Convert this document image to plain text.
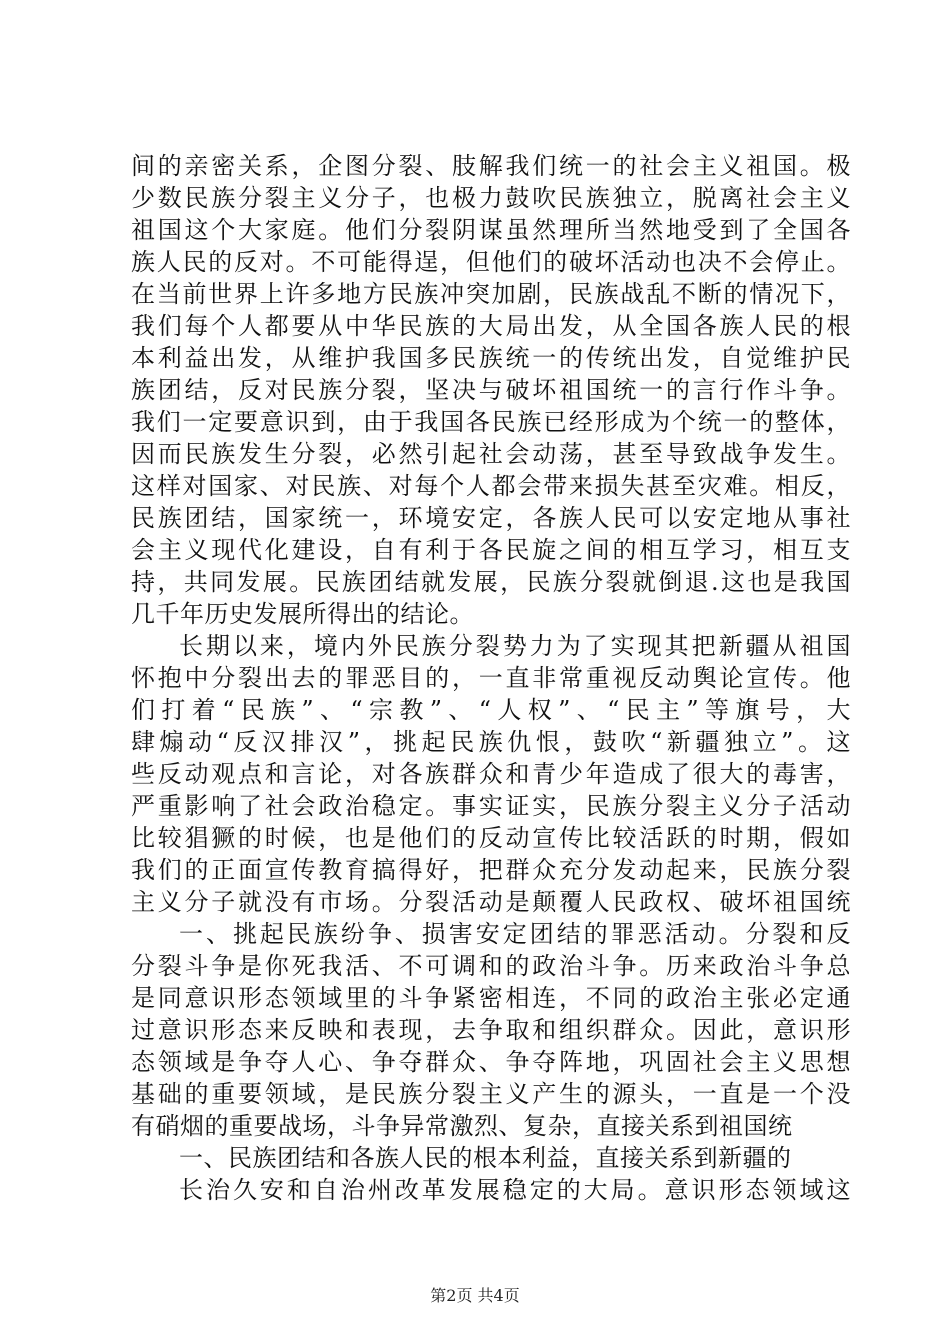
间的亲密关系，企图分裂、肢解我们统一的社会主义祖国。极
少数民族分裂主义分子，也极力鼓吹民族独立，脱离社会主义
祖国这个大家庭。他们分裂阴谋虽然理所当然地受到了全国各
族人民的反对。不可能得逞，但他们的破坏活动也决不会停止。
在当前世界上许多地方民族冲突加剧，民族战乱不断的情况下，
我们每个人都要从中华民族的大局出发，从全国各族人民的根
本利益出发，从维护我国多民族统一的传统出发，自觉维护民
族团结，反对民族分裂，坚决与破坏祖国统一的言行作斗争。
我们一定要意识到，由于我国各民族已经形成为个统一的整体，
因而民族发生分裂，必然引起社会动荡，甚至导致战争发生。
这样对国家、对民族、对每个人都会带来损失甚至灾难。相反，
民族团结，国家统一，环境安定，各族人民可以安定地从事社
会主义现代化建设，自有利于各民旋之间的相互学习，相互支
持，共同发展。民族团结就发展，民族分裂就倒退.这也是我国
几千年历史发展所得出的结论。
长期以来，境内外民族分裂势力为了实现其把新疆从祖国
怀抱中分裂出去的罪恶目的，一直非常重视反动舆论宣传。他
们打着“民族”、“宗教”、“人权”、“民主”等旗号，大
肆煽动“反汉排汉”，挑起民族仇恨，鼓吹“新疆独立”。这
些反动观点和言论，对各族群众和青少年造成了很大的毒害，
严重影响了社会政治稳定。事实证实，民族分裂主义分子活动
比较猖獗的时候，也是他们的反动宣传比较活跃的时期，假如
我们的正面宣传教育搞得好，把群众充分发动起来，民族分裂
主义分子就没有市场。分裂活动是颠覆人民政权、破坏祖国统
一、挑起民族纷争、损害安定团结的罪恶活动。分裂和反
分裂斗争是你死我活、不可调和的政治斗争。历来政治斗争总
是同意识形态领域里的斗争紧密相连，不同的政治主张必定通
过意识形态来反映和表现，去争取和组织群众。因此，意识形
态领域是争夺人心、争夺群众、争夺阵地，巩固社会主义思想
基础的重要领域，是民族分裂主义产生的源头，一直是一个没
有硝烟的重要战场，斗争异常激烈、复杂，直接关系到祖国统
一、民族团结和各族人民的根本利益，直接关系到新疆的
长治久安和自治州改革发展稳定的大局。意识形态领域这
第2页 共4页
